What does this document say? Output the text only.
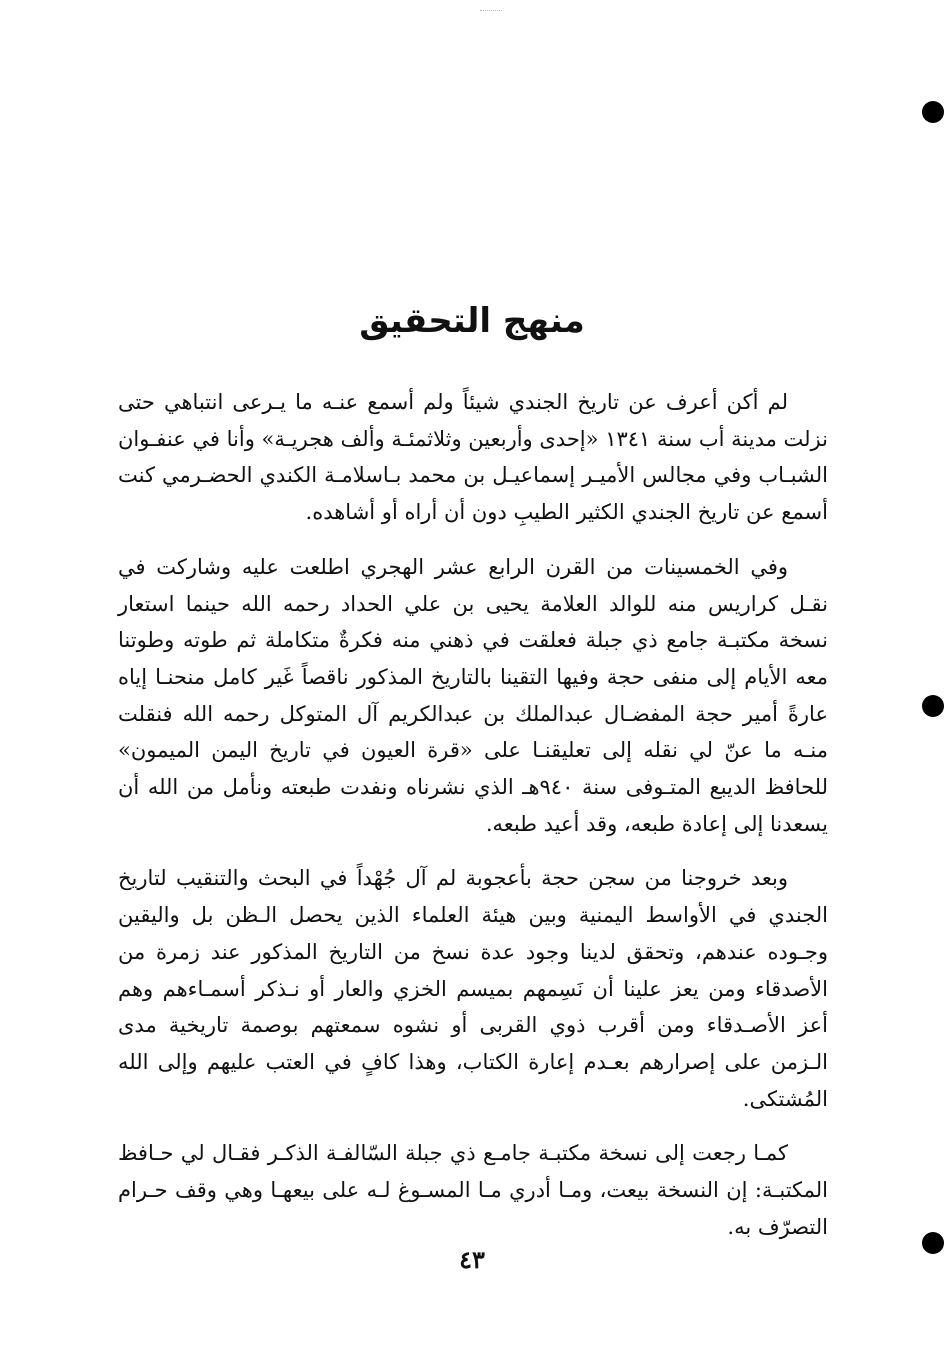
منهج التحقيق

لم أكن أعرف عن تاريخ الجندي شيئاً ولم أسمع عنـه ما يـرعى انتباهي حتى نزلت مدينة أب سنة ١٣٤١ «إحدى وأربعين وثلاثمئـة وألف هجريـة» وأنا في عنفـوان الشبـاب وفي مجالس الأميـر إسماعيـل بن محمد بـاسلامـة الكندي الحضـرمي كنت أسمع عن تاريخ الجندي الكثير الطيبِ دون أن أراه أو أشاهده.

وفي الخمسينات من القرن الرابع عشر الهجري اطلعت عليه وشاركت في نقـل كراريس منه للوالد العلامة يحيى بن علي الحداد رحمه الله حينما استعار نسخة مكتبـة جامع ذي جبلة فعلقت في ذهني منه فكرةٌ متكاملة ثم طوته وطوتنا معه الأيام إلى منفى حجة وفيها التقينا بالتاريخ المذكور ناقصاً غَير كامل منحنـا إياه عارةً أمير حجة المفضـال عبدالملك بن عبدالكريم آل المتوكل رحمه الله فنقلت منـه ما عنّ لي نقله إلى تعليقنـا على «قرة العيون في تاريخ اليمن الميمون» للحافظ الديبع المتـوفى سنة ٩٤٠هـ الذي نشرناه ونفدت طبعته ونأمل من الله أن يسعدنا إلى إعادة طبعه، وقد أعيد طبعه.

وبعد خروجنا من سجن حجة بأعجوبة لم آل جُهْداً في البحث والتنقيب لتاريخ الجندي في الأواسط اليمنية وبين هيئة العلماء الذين يحصل الـظن بل واليقين وجـوده عندهم، وتحقق لدينا وجود عدة نسخ من التاريخ المذكور عند زمرة من الأصدقاء ومن يعز علينا أن نَسِمهم بميسم الخزي والعار أو نـذكر أسمـاءهم وهم أعز الأصـدقاء ومن أقرب ذوي القربى أو نشوه سمعتهم بوصمة تاريخية مدى الـزمن على إصرارهم بعـدم إعارة الكتاب، وهذا كافٍ في العتب عليهم وإلى الله المُشتكى.

كمـا رجعت إلى نسخة مكتبـة جامـع ذي جبلة السّالفـة الذكـر فقـال لي حـافظ المكتبـة: إن النسخة بيعت، ومـا أدري مـا المسـوغ لـه على بيعهـا وهي وقف حـرام التصرّف به.

٤٣
